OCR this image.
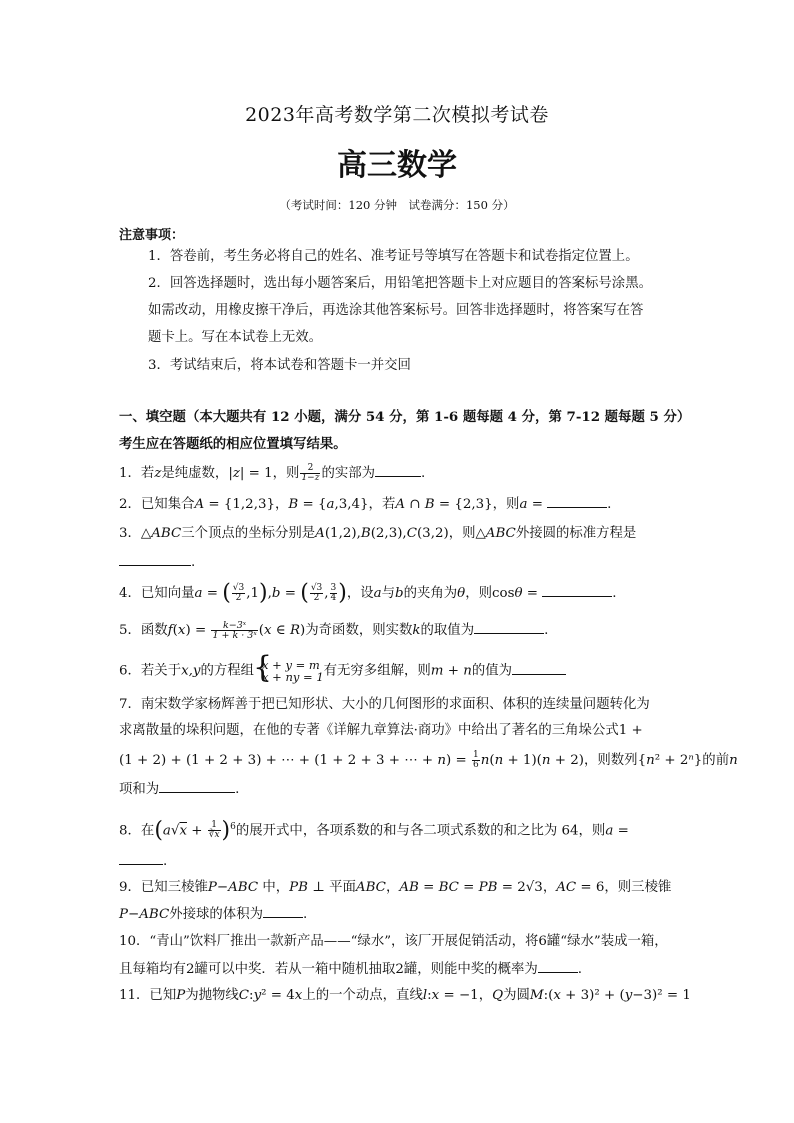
2023年高考数学第二次模拟考试卷
高三数学
（考试时间：120 分钟　试卷满分：150 分）
注意事项：
1．答卷前，考生务必将自己的姓名、准考证号等填写在答题卡和试卷指定位置上。
2．回答选择题时，选出每小题答案后，用铅笔把答题卡上对应题目的答案标号涂黑。
如需改动，用橡皮擦干净后，再选涂其他答案标号。回答非选择题时，将答案写在答
题卡上。写在本试卷上无效。
3．考试结束后，将本试卷和答题卡一并交回
一、填空题（本大题共有 12 小题，满分 54 分，第 1-6 题每题 4 分，第 7-12 题每题 5 分）
考生应在答题纸的相应位置填写结果。
1．若z是纯虚数，|z| = 1，则 $\frac{2}{1-z}$ 的实部为	.
2．已知集合A = {1,2,3}，B = {a,3,4}，若A ∩ B = {2,3}，则a =	.
3．△ABC三个顶点的坐标分别是A(1,2),B(2,3),C(3,2)，则△ABC外接圆的标准方程是
.
4．已知向量a = ( $\frac{√3}{2} ,1),b$ = ( $\frac{√3}{2}$ , $\frac{3}{4}$ )，设a与b的夹角为θ，则cosθ =	.
5．函数$f(x) = \frac{\text{k−3ˣ}}{\text{1 + k · 3ˣ}} (x$ ∈ R)为奇函数，则实数k的取值为	.
6．若关于x,y的方程组 {
x + y = m
x + ny = 1 有无穷多组解，则m + n的值为
7．南宋数学家杨辉善于把已知形状、大小的几何图形的求面积、体积的连续量问题转化为
求离散量的垛积问题，在他的专著《详解九章算法·商功》中给出了著名的三角垛公式1 +
(1 + 2) + (1 + 2 + 3) + ⋯ + (1 + 2 + 3 + ⋯ + $n) = \frac{1}{6} n(n + 1)(n + 2)$，则数列{n² + 2ⁿ}的前n
项和为	.
8．在$(a√x + \frac{1}{∛x} )^6$的展开式中，各项系数的和与各二项式系数的和之比为 64，则a =
.
9．已知三棱锥P−ABC 中，PB ⊥ 平面ABC，AB = BC = PB = 2√3，AC = 6，则三棱锥
P−ABC外接球的体积为	.
10．“青山”饮料厂推出一款新产品——“绿水”，该厂开展促销活动，将6罐“绿水”装成一箱，
且每箱均有2罐可以中奖．若从一箱中随机抽取2罐，则能中奖的概率为	.
11．已知P为抛物线C:y² = 4x上的一个动点，直线l:x = −1，Q为圆M:(x + 3)² + (y−3)² = 1
